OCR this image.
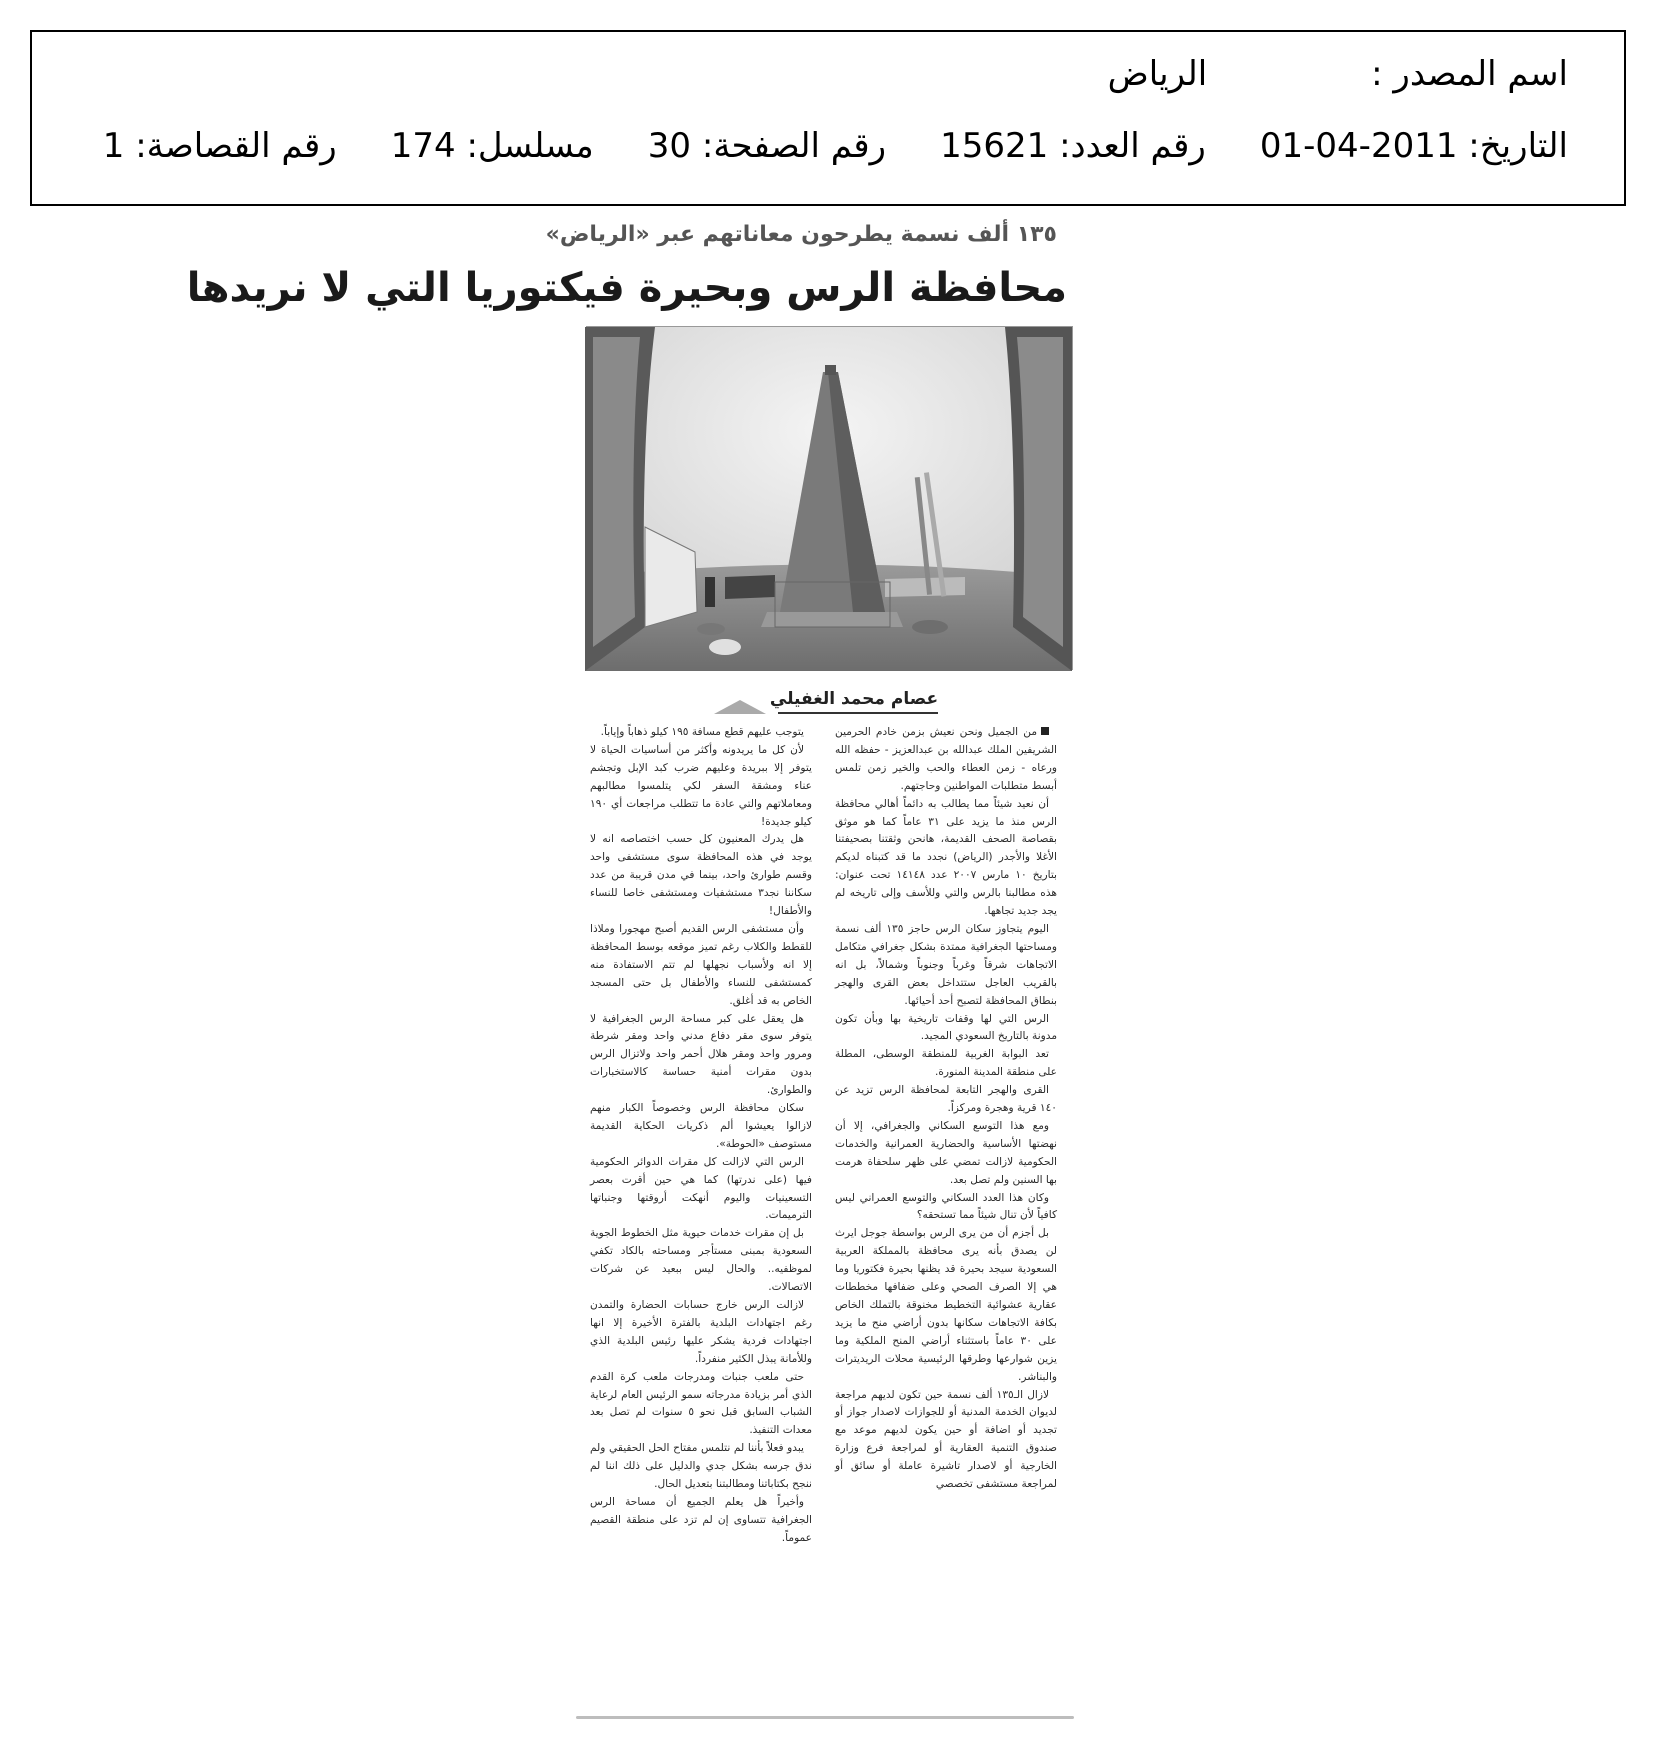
اسم المصدر :
الرياض
التاريخ: 2011-04-01
رقم العدد: 15621
رقم الصفحة: 30
مسلسل: 174
رقم القصاصة: 1
١٣٥ ألف نسمة يطرحون معاناتهم عبر «الرياض»
محافظة الرس وبحيرة فيكتوريا التي لا نريدها
عصام محمد الغفيلي

من الجميل ونحن نعيش بزمن خادم الحرمين الشريفين الملك عبدالله بن عبدالعزيز - حفظه الله ورعاه - زمن العطاء والحب والخير زمن تلمس أبسط متطلبات المواطنين وحاجتهم.

أن نعيد شيئاً مما يطالب به دائماً أهالي محافظة الرس منذ ما يزيد على ٣١ عاماً كما هو موثق بقصاصة الصحف القديمة، هانحن وثقتنا بصحيفتنا الأغلا والأجدر (الرياض) نجدد ما قد كتبناه لديكم بتاريخ ١٠ مارس ٢٠٠٧ عدد ١٤١٤٨ تحت عنوان: هذه مطالبنا بالرس والتي وللأسف وإلى تاريخه لم يجد جديد تجاهها.

اليوم يتجاوز سكان الرس حاجز ١٣٥ ألف نسمة ومساحتها الجغرافية ممتدة بشكل جغرافي متكامل الاتجاهات شرقاً وغرباً وجنوباً وشمالاً، بل انه بالقريب العاجل ستتداخل بعض القرى والهجر بنطاق المحافظة لتصبح أحد أحيائها.

الرس التي لها وقفات تاريخية بها وبأن تكون مدونة بالتاريخ السعودي المجيد.

تعد البوابة الغربية للمنطقة الوسطى، المطلة على منطقة المدينة المنورة.

القرى والهجر التابعة لمحافظة الرس تزيد عن ١٤٠ قرية وهجرة ومركزاً.

ومع هذا التوسع السكاني والجغرافي، إلا أن نهضتها الأساسية والحضارية العمرانية والخدمات الحكومية لازالت تمضي على ظهر سلحفاة هرمت بها السنين ولم تصل بعد.

وكان هذا العدد السكاني والتوسع العمراني ليس كافياً لأن تنال شيئاً مما تستحقه؟

بل أجزم أن من يرى الرس بواسطة جوجل ايرث لن يصدق بأنه يرى محافظة بالمملكة العربية السعودية سيجد بحيرة قد يظنها بحيرة فكتوريا وما هي إلا الصرف الصحي وعلى ضفافها مخططات عقارية عشوائية التخطيط مخنوقة بالتملك الخاص بكافة الاتجاهات سكانها بدون أراضي منح ما يزيد على ٣٠ عاماً باستثناء أراضي المنح الملكية وما يزين شوارعها وطرقها الرئيسية محلات الريديترات والبناشر.

لازال الـ١٣٥ ألف نسمة حين تكون لديهم مراجعة لديوان الخدمة المدنية أو للجوازات لاصدار جواز أو تجديد أو اضافة أو حين يكون لديهم موعد مع صندوق التنمية العقارية أو لمراجعة فرع وزارة الخارجية أو لاصدار تاشيرة عاملة أو سائق أو لمراجعة مستشفى تخصصي

يتوجب عليهم قطع مسافة ١٩٥ كيلو ذهاباً وإياباً.

لأن كل ما يريدونه وأكثر من أساسيات الحياة لا يتوفر إلا ببريدة وعليهم ضرب كبد الإبل وتجشم عناء ومشقة السفر لكي يتلمسوا مطالبهم ومعاملاتهم والتي عادة ما تتطلب مراجعات أي ١٩٠ كيلو جديدة!

هل يدرك المعنيون كل حسب اختصاصه انه لا يوجد في هذه المحافظة سوى مستشفى واحد وقسم طوارئ واحد، بينما في مدن قريبة من عدد سكاننا نجد٣ مستشفيات ومستشفى خاصا للنساء والأطفال!

وأن مستشفى الرس القديم أصبح مهجورا وملاذا للقطط والكلاب رغم تميز موقعه بوسط المحافظة إلا انه ولأسباب نجهلها لم تتم الاستفادة منه كمستشفى للنساء والأطفال بل حتى المسجد الخاص به قد أغلق.

هل يعقل على كبر مساحة الرس الجغرافية لا يتوفر سوى مقر دفاع مدني واحد ومقر شرطة ومرور واحد ومقر هلال أحمر واحد ولاتزال الرس بدون مقرات أمنية حساسة كالاستخبارات والطوارئ.

سكان محافظة الرس وخصوصاً الكبار منهم لازالوا يعيشوا ألم ذكريات الحكاية القديمة مستوصف «الحوطة».

الرس التي لازالت كل مقرات الدوائر الحكومية فيها (على ندرتها) كما هي حين أقرت بعصر التسعينيات واليوم أنهكت أروقتها وجنباتها الترميمات.

بل إن مقرات خدمات حيوية مثل الخطوط الجوية السعودية بمبنى مستأجر ومساحته بالكاد تكفي لموظفيه.. والحال ليس ببعيد عن شركات الاتصالات.

لازالت الرس خارج حسابات الحضارة والتمدن رغم اجتهادات البلدية بالفترة الأخيرة إلا انها اجتهادات فردية يشكر عليها رئيس البلدية الذي وللأمانة يبذل الكثير منفرداً.

حتى ملعب جنبات ومدرجات ملعب كرة القدم الذي أمر بزيادة مدرجاته سمو الرئيس العام لرعاية الشباب السابق قبل نحو ٥ سنوات لم تصل بعد معدات التنفيذ.

يبدو فعلاً بأننا لم نتلمس مفتاح الحل الحقيقي ولم ندق جرسه بشكل جدي والدليل على ذلك اننا لم ننجح بكتاباتنا ومطالبتنا بتعديل الحال.

وأخيراً هل يعلم الجميع أن مساحة الرس الجغرافية تتساوى إن لم تزد على منطقة القصيم عموماً.
